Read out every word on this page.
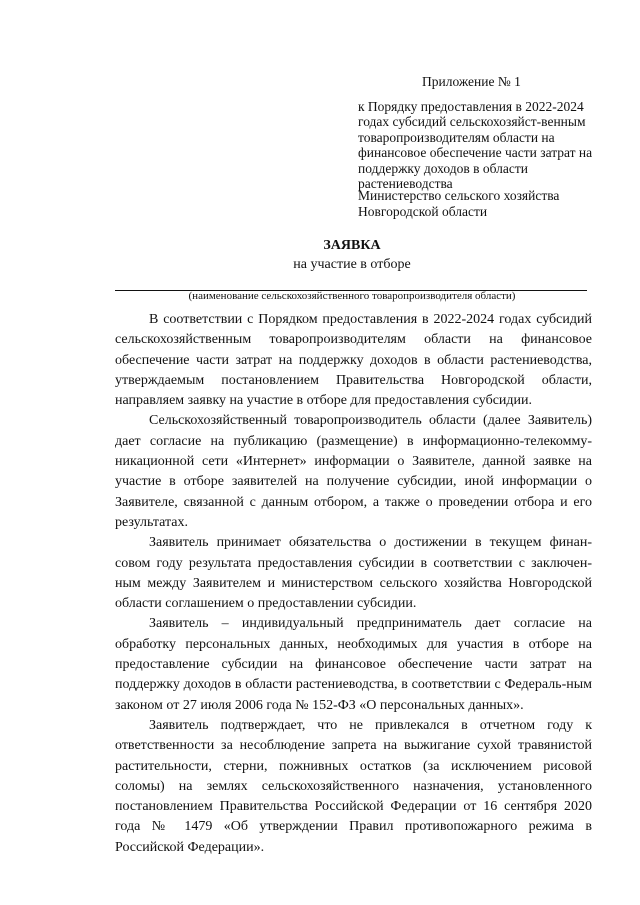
Приложение № 1
к Порядку предоставления в 2022-2024 годах субсидий сельскохозяйст-венным товаропроизводителям области на финансовое обеспечение части затрат на поддержку доходов в области растениеводства
Министерство сельского хозяйства Новгородской области
ЗАЯВКА
на участие в отборе
(наименование сельскохозяйственного товаропроизводителя области)

В соответствии с Порядком предоставления в 2022-2024 годах субсидий сельскохозяйственным товаропроизводителям области на финансовое обеспечение части затрат на поддержку доходов в области растениеводства, утверждаемым постановлением Правительства Новгородской области, направляем заявку на участие в отборе для предоставления субсидии.

Сельскохозяйственный товаропроизводитель области (далее Заявитель) дает согласие на публикацию (размещение) в информационно-телекомму-никационной сети «Интернет» информации о Заявителе, данной заявке на участие в отборе заявителей на получение субсидии, иной информации о Заявителе, связанной с данным отбором, а также о проведении отбора и его результатах.

Заявитель принимает обязательства о достижении в текущем финан-совом году результата предоставления субсидии в соответствии с заключен-ным между Заявителем и министерством сельского хозяйства Новгородской области соглашением о предоставлении субсидии.

Заявитель – индивидуальный предприниматель дает согласие на обработку персональных данных, необходимых для участия в отборе на предоставление субсидии на финансовое обеспечение части затрат на поддержку доходов в области растениеводства, в соответствии с Федераль-ным законом от 27 июля 2006 года № 152-ФЗ «О персональных данных».

Заявитель подтверждает, что не привлекался в отчетном году к ответственности за несоблюдение запрета на выжигание сухой травянистой растительности, стерни, пожнивных остатков (за исключением рисовой соломы) на землях сельскохозяйственного назначения, установленного постановлением Правительства Российской Федерации от 16 сентября 2020 года № 1479 «Об утверждении Правил противопожарного режима в Российской Федерации».
